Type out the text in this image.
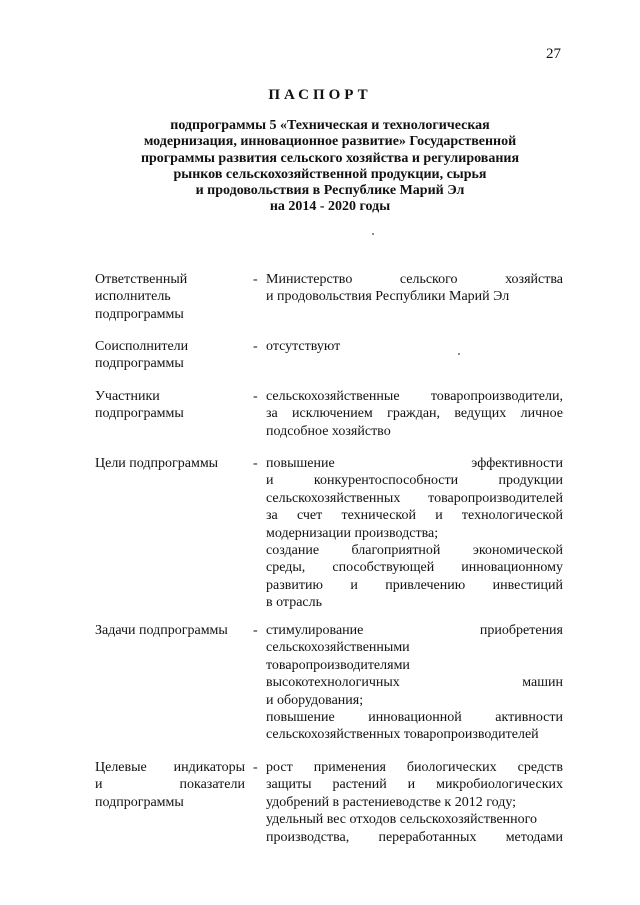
27
ПАСПОРТ
подпрограммы 5 «Техническая и технологическая
модернизация, инновационное развитие» Государственной
программы развития сельского хозяйства и регулирования
рынков сельскохозяйственной продукции, сырья
и продовольствия в Республике Марий Эл
на 2014 - 2020 годы
Ответственный
исполнитель
подпрограммы
- Министерство сельского хозяйства
и продовольствия Республики Марий Эл
Соисполнители
подпрограммы
- отсутствуют
Участники
подпрограммы
- сельскохозяйственные товаропроизводители,
за исключением граждан, ведущих личное
подсобное хозяйство
Цели подпрограммы	- повышение эффективности
и конкурентоспособности продукции
сельскохозяйственных товаропроизводителей
за счет технической и технологической
модернизации производства;
создание благоприятной экономической
среды, способствующей инновационному
развитию и привлечению инвестиций
в отрасль
Задачи подпрограммы	- стимулирование приобретения
сельскохозяйственными
товаропроизводителями
высокотехнологичных машин
и оборудования;
повышение инновационной активности
сельскохозяйственных товаропроизводителей
Целевые индикаторы
и показатели
подпрограммы
- рост применения биологических средств
защиты растений и микробиологических
удобрений в растениеводстве к 2012 году;
удельный вес отходов сельскохозяйственного
производства, переработанных методами
